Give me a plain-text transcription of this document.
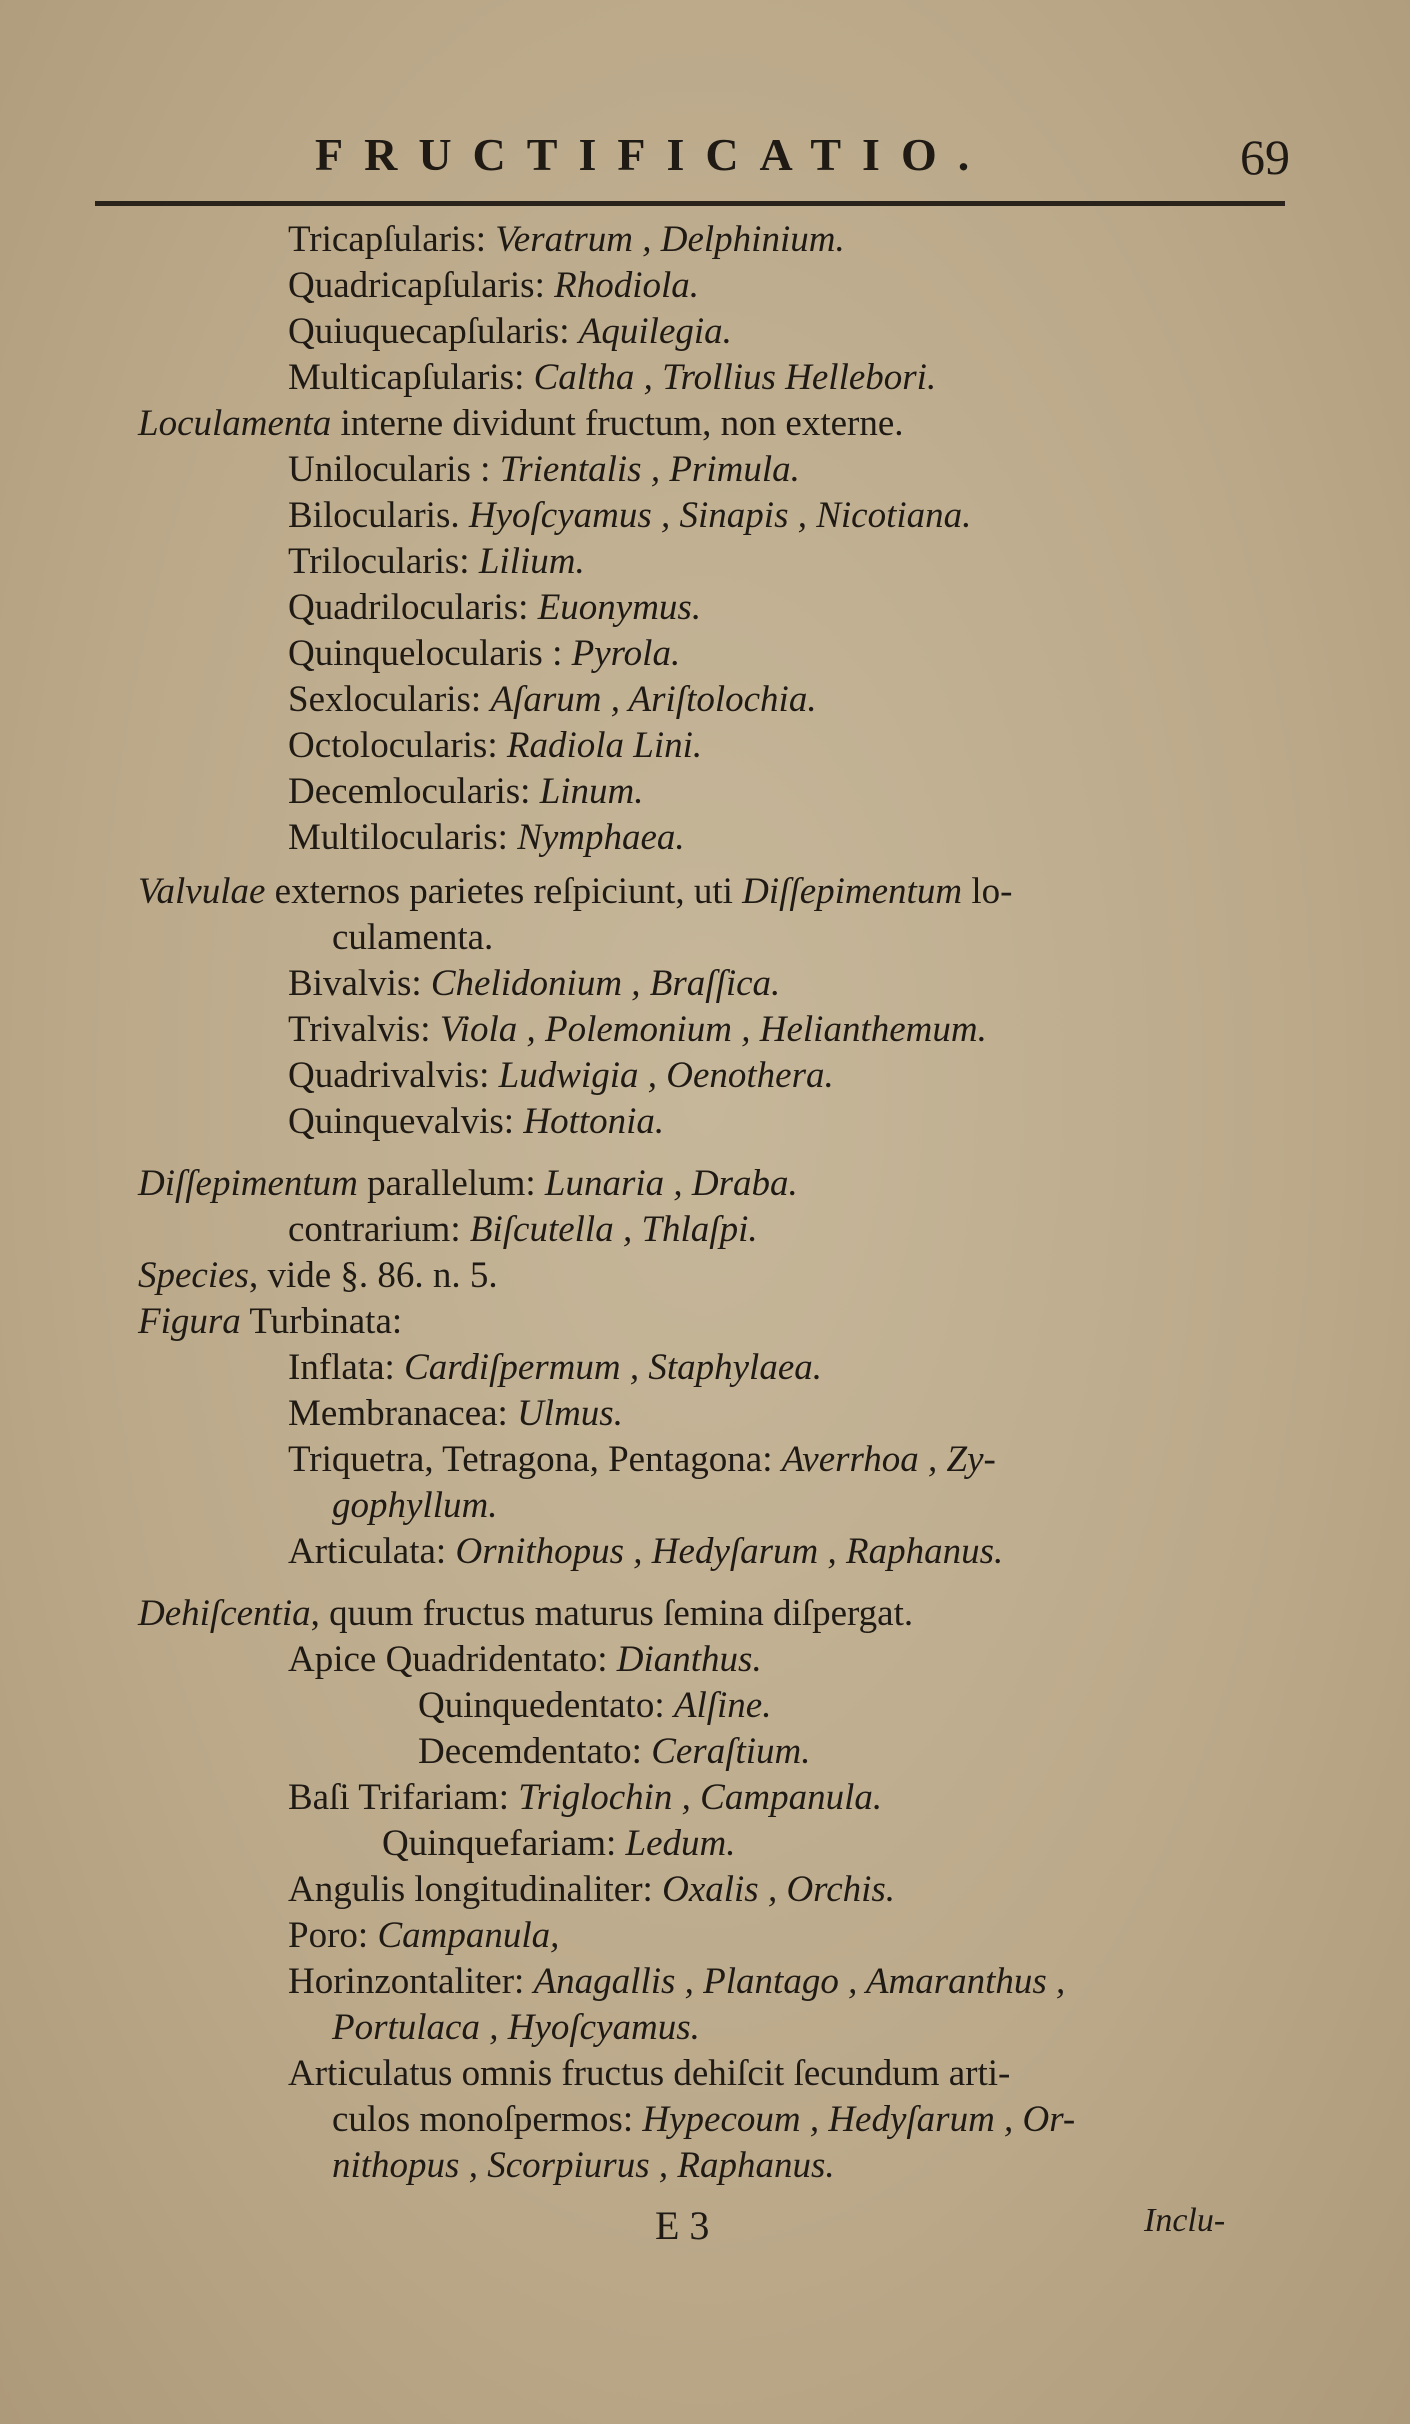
FRUCTIFICATIO.	69
Tricapſularis: Veratrum , Delphinium.
Quadricapſularis: Rhodiola.
Quiuquecapſularis: Aquilegia.
Multicapſularis: Caltha , Trollius Hellebori.
Loculamenta interne dividunt fructum, non externe.
Unilocularis : Trientalis , Primula.
Bilocularis. Hyoſcyamus , Sinapis , Nicotiana.
Trilocularis: Lilium.
Quadrilocularis: Euonymus.
Quinquelocularis : Pyrola.
Sexlocularis: Aſarum , Ariſtolochia.
Octolocularis: Radiola Lini.
Decemlocularis: Linum.
Multilocularis: Nymphaea.
Valvulae externos parietes reſpiciunt, uti Diſſepimentum lo-
culamenta.
Bivalvis: Chelidonium , Braſſica.
Trivalvis: Viola , Polemonium , Helianthemum.
Quadrivalvis: Ludwigia , Oenothera.
Quinquevalvis: Hottonia.
Diſſepimentum parallelum: Lunaria , Draba.
contrarium: Biſcutella , Thlaſpi.
Species, vide §. 86. n. 5.
Figura Turbinata:
Inflata: Cardiſpermum , Staphylaea.
Membranacea: Ulmus.
Triquetra, Tetragona, Pentagona: Averrhoa , Zy-
gophyllum.
Articulata: Ornithopus , Hedyſarum , Raphanus.
Dehiſcentia, quum fructus maturus ſemina diſpergat.
Apice Quadridentato: Dianthus.
Quinquedentato: Alſine.
Decemdentato: Ceraſtium.
Baſi Trifariam: Triglochin , Campanula.
Quinquefariam: Ledum.
Angulis longitudinaliter: Oxalis , Orchis.
Poro: Campanula,
Horinzontaliter: Anagallis , Plantago , Amaranthus ,
Portulaca , Hyoſcyamus.
Articulatus omnis fructus dehiſcit ſecundum arti-
culos monoſpermos: Hypecoum , Hedyſarum , Or-
nithopus , Scorpiurus , Raphanus.
E 3	Inclu-
